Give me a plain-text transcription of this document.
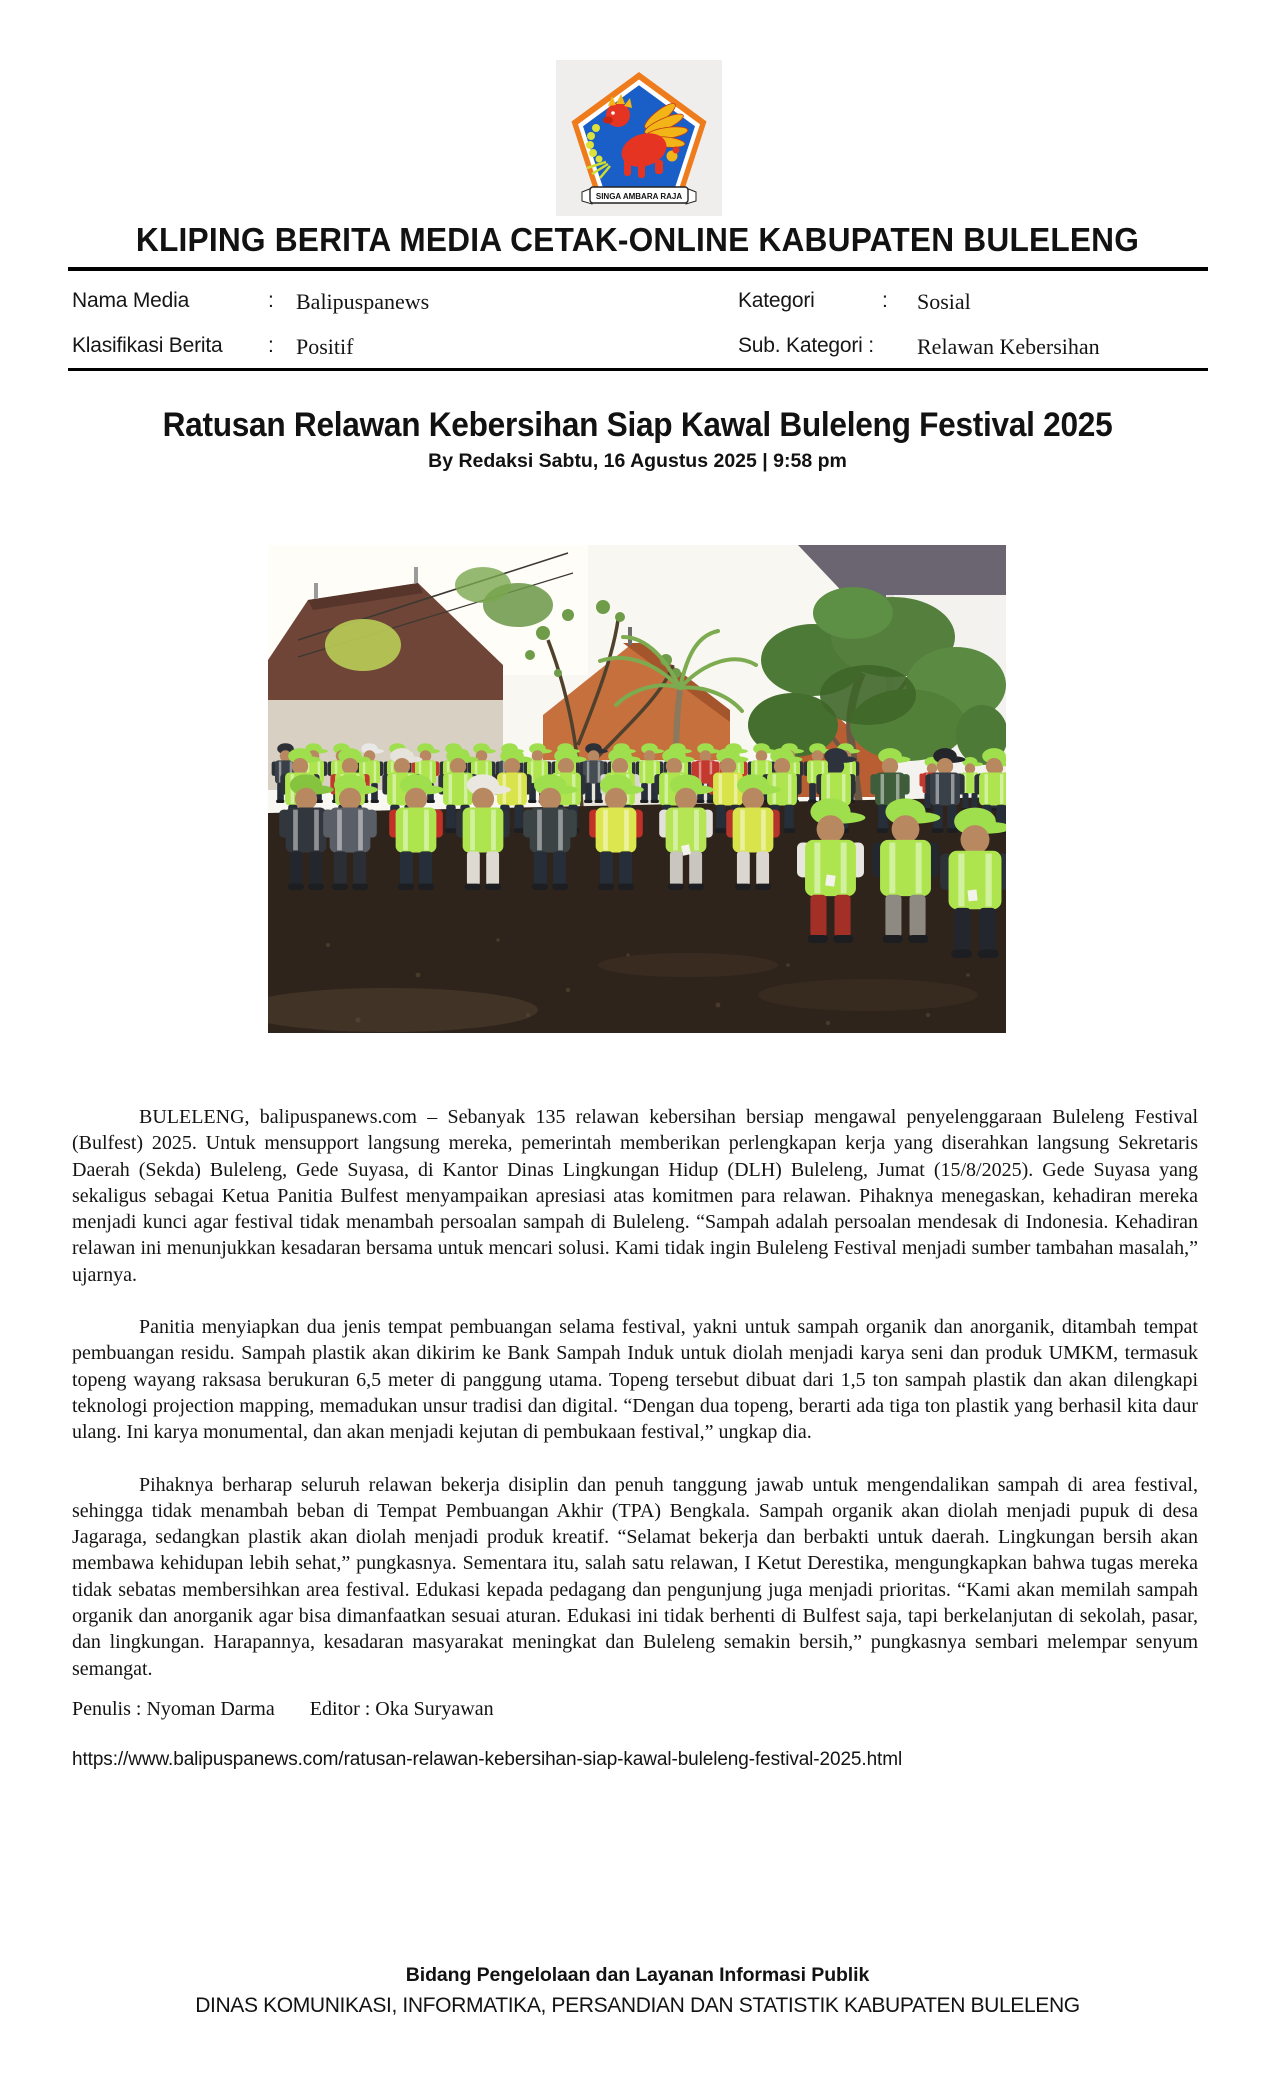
SINGA AMBARA RAJA
KLIPING BERITA MEDIA CETAK-ONLINE KABUPATEN BULELENG
Nama Media	: Balipuspanews	Kategori	: Sosial
Klasifikasi Berita : Positif	Sub. Kategori : Relawan Kebersihan
Ratusan Relawan Kebersihan Siap Kawal Buleleng Festival 2025
By Redaksi Sabtu, 16 Agustus 2025 | 9:58 pm

BULELENG, balipuspanews.com – Sebanyak 135 relawan kebersihan bersiap mengawal penyelenggaraan Buleleng Festival (Bulfest) 2025. Untuk mensupport langsung mereka, pemerintah memberikan perlengkapan kerja yang diserahkan langsung Sekretaris Daerah (Sekda) Buleleng, Gede Suyasa, di Kantor Dinas Lingkungan Hidup (DLH) Buleleng, Jumat (15/8/2025). Gede Suyasa yang sekaligus sebagai Ketua Panitia Bulfest menyampaikan apresiasi atas komitmen para relawan. Pihaknya menegaskan, kehadiran mereka menjadi kunci agar festival tidak menambah persoalan sampah di Buleleng. “Sampah adalah persoalan mendesak di Indonesia. Kehadiran relawan ini menunjukkan kesadaran bersama untuk mencari solusi. Kami tidak ingin Buleleng Festival menjadi sumber tambahan masalah,” ujarnya.

Panitia menyiapkan dua jenis tempat pembuangan selama festival, yakni untuk sampah organik dan anorganik, ditambah tempat pembuangan residu. Sampah plastik akan dikirim ke Bank Sampah Induk untuk diolah menjadi karya seni dan produk UMKM, termasuk topeng wayang raksasa berukuran 6,5 meter di panggung utama. Topeng tersebut dibuat dari 1,5 ton sampah plastik dan akan dilengkapi teknologi projection mapping, memadukan unsur tradisi dan digital. “Dengan dua topeng, berarti ada tiga ton plastik yang berhasil kita daur ulang. Ini karya monumental, dan akan menjadi kejutan di pembukaan festival,” ungkap dia.

Pihaknya berharap seluruh relawan bekerja disiplin dan penuh tanggung jawab untuk mengendalikan sampah di area festival, sehingga tidak menambah beban di Tempat Pembuangan Akhir (TPA) Bengkala. Sampah organik akan diolah menjadi pupuk di desa Jagaraga, sedangkan plastik akan diolah menjadi produk kreatif. “Selamat bekerja dan berbakti untuk daerah. Lingkungan bersih akan membawa kehidupan lebih sehat,” pungkasnya. Sementara itu, salah satu relawan, I Ketut Derestika, mengungkapkan bahwa tugas mereka tidak sebatas membersihkan area festival. Edukasi kepada pedagang dan pengunjung juga menjadi prioritas. “Kami akan memilah sampah organik dan anorganik agar bisa dimanfaatkan sesuai aturan. Edukasi ini tidak berhenti di Bulfest saja, tapi berkelanjutan di sekolah, pasar, dan lingkungan. Harapannya, kesadaran masyarakat meningkat dan Buleleng semakin bersih,” pungkasnya sembari melempar senyum semangat.

Penulis : Nyoman Darma Editor : Oka Suryawan
https://www.balipuspanews.com/ratusan-relawan-kebersihan-siap-kawal-buleleng-festival-2025.html
Bidang Pengelolaan dan Layanan Informasi Publik
DINAS KOMUNIKASI, INFORMATIKA, PERSANDIAN DAN STATISTIK KABUPATEN BULELENG
